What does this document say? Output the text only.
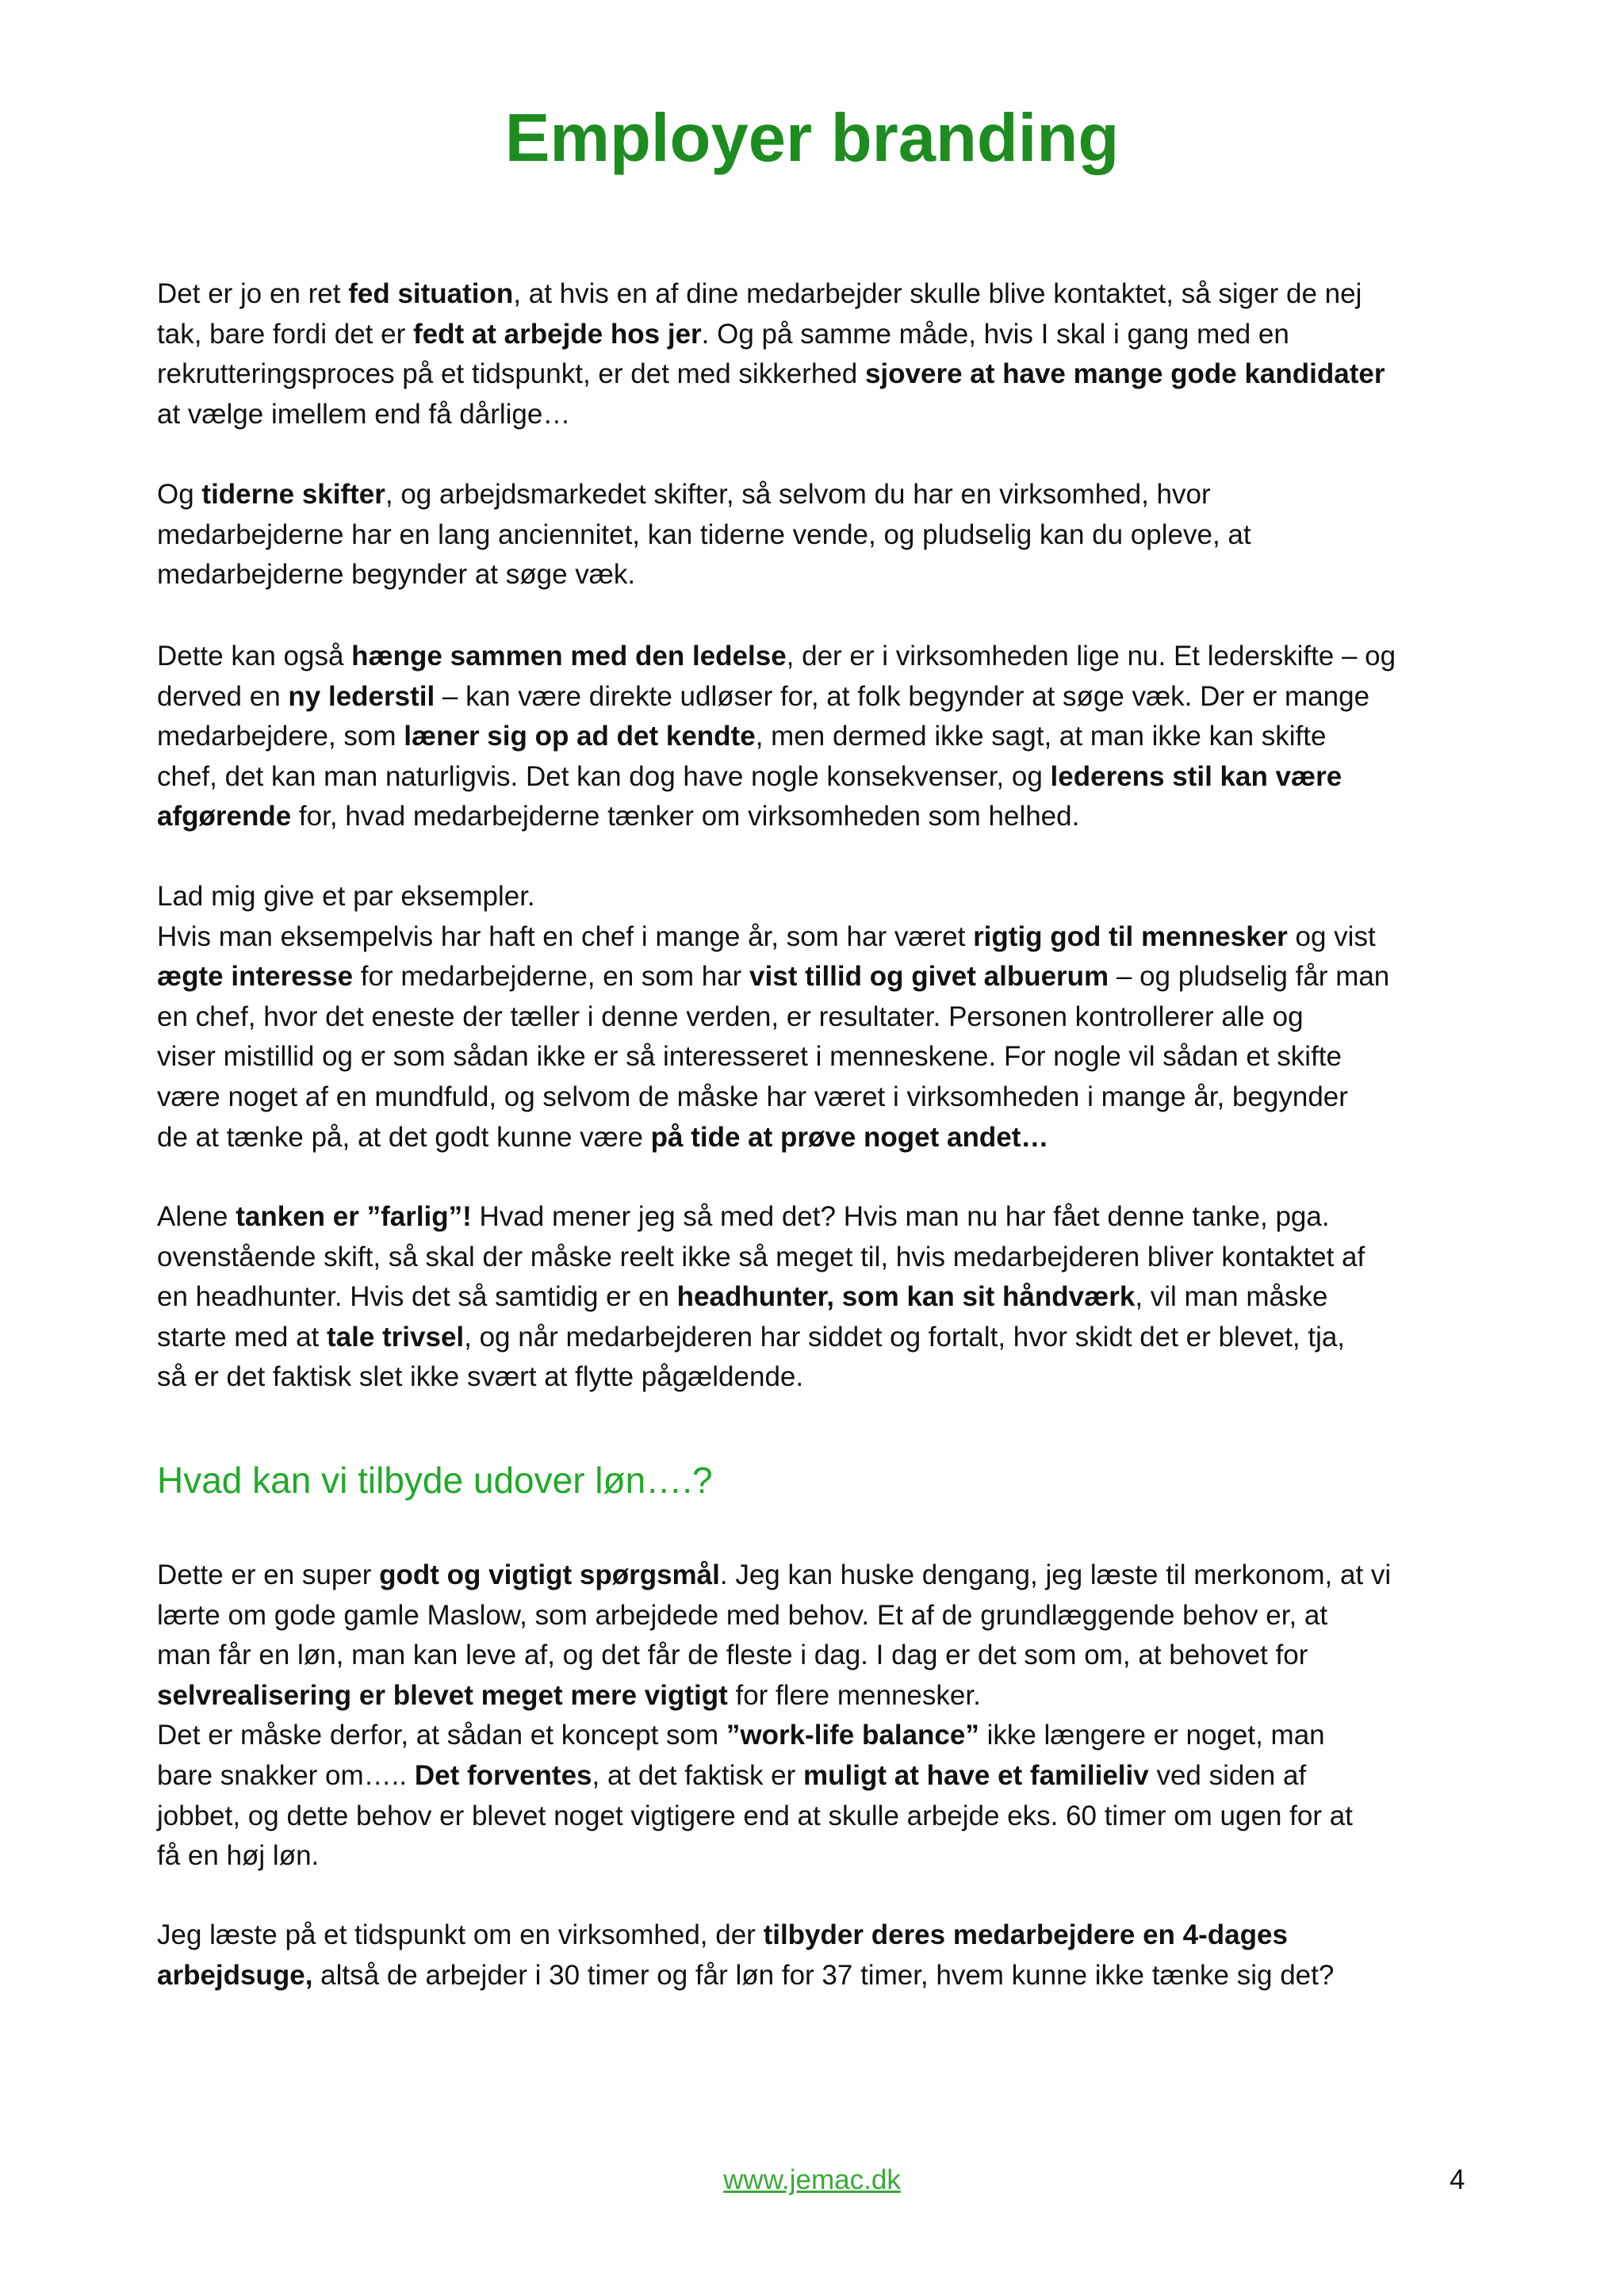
Employer branding

Det er jo en ret fed situation, at hvis en af dine medarbejder skulle blive kontaktet, så siger de nej
tak, bare fordi det er fedt at arbejde hos jer. Og på samme måde, hvis I skal i gang med en
rekrutteringsproces på et tidspunkt, er det med sikkerhed sjovere at have mange gode kandidater
at vælge imellem end få dårlige…

Og tiderne skifter, og arbejdsmarkedet skifter, så selvom du har en virksomhed, hvor
medarbejderne har en lang anciennitet, kan tiderne vende, og pludselig kan du opleve, at
medarbejderne begynder at søge væk.

Dette kan også hænge sammen med den ledelse, der er i virksomheden lige nu. Et lederskifte – og
derved en ny lederstil – kan være direkte udløser for, at folk begynder at søge væk. Der er mange
medarbejdere, som læner sig op ad det kendte, men dermed ikke sagt, at man ikke kan skifte
chef, det kan man naturligvis. Det kan dog have nogle konsekvenser, og lederens stil kan være
afgørende for, hvad medarbejderne tænker om virksomheden som helhed.

Lad mig give et par eksempler.
Hvis man eksempelvis har haft en chef i mange år, som har været rigtig god til mennesker og vist
ægte interesse for medarbejderne, en som har vist tillid og givet albuerum – og pludselig får man
en chef, hvor det eneste der tæller i denne verden, er resultater. Personen kontrollerer alle og
viser mistillid og er som sådan ikke er så interesseret i menneskene. For nogle vil sådan et skifte
være noget af en mundfuld, og selvom de måske har været i virksomheden i mange år, begynder
de at tænke på, at det godt kunne være på tide at prøve noget andet…

Alene tanken er ”farlig”! Hvad mener jeg så med det? Hvis man nu har fået denne tanke, pga.
ovenstående skift, så skal der måske reelt ikke så meget til, hvis medarbejderen bliver kontaktet af
en headhunter. Hvis det så samtidig er en headhunter, som kan sit håndværk, vil man måske
starte med at tale trivsel, og når medarbejderen har siddet og fortalt, hvor skidt det er blevet, tja,
så er det faktisk slet ikke svært at flytte pågældende.

Hvad kan vi tilbyde udover løn….?

Dette er en super godt og vigtigt spørgsmål. Jeg kan huske dengang, jeg læste til merkonom, at vi
lærte om gode gamle Maslow, som arbejdede med behov. Et af de grundlæggende behov er, at
man får en løn, man kan leve af, og det får de fleste i dag. I dag er det som om, at behovet for
selvrealisering er blevet meget mere vigtigt for flere mennesker.
Det er måske derfor, at sådan et koncept som ”work-life balance” ikke længere er noget, man
bare snakker om….. Det forventes, at det faktisk er muligt at have et familieliv ved siden af
jobbet, og dette behov er blevet noget vigtigere end at skulle arbejde eks. 60 timer om ugen for at
få en høj løn.

Jeg læste på et tidspunkt om en virksomhed, der tilbyder deres medarbejdere en 4-dages
arbejdsuge, altså de arbejder i 30 timer og får løn for 37 timer, hvem kunne ikke tænke sig det?

www.jemac.dk	4
